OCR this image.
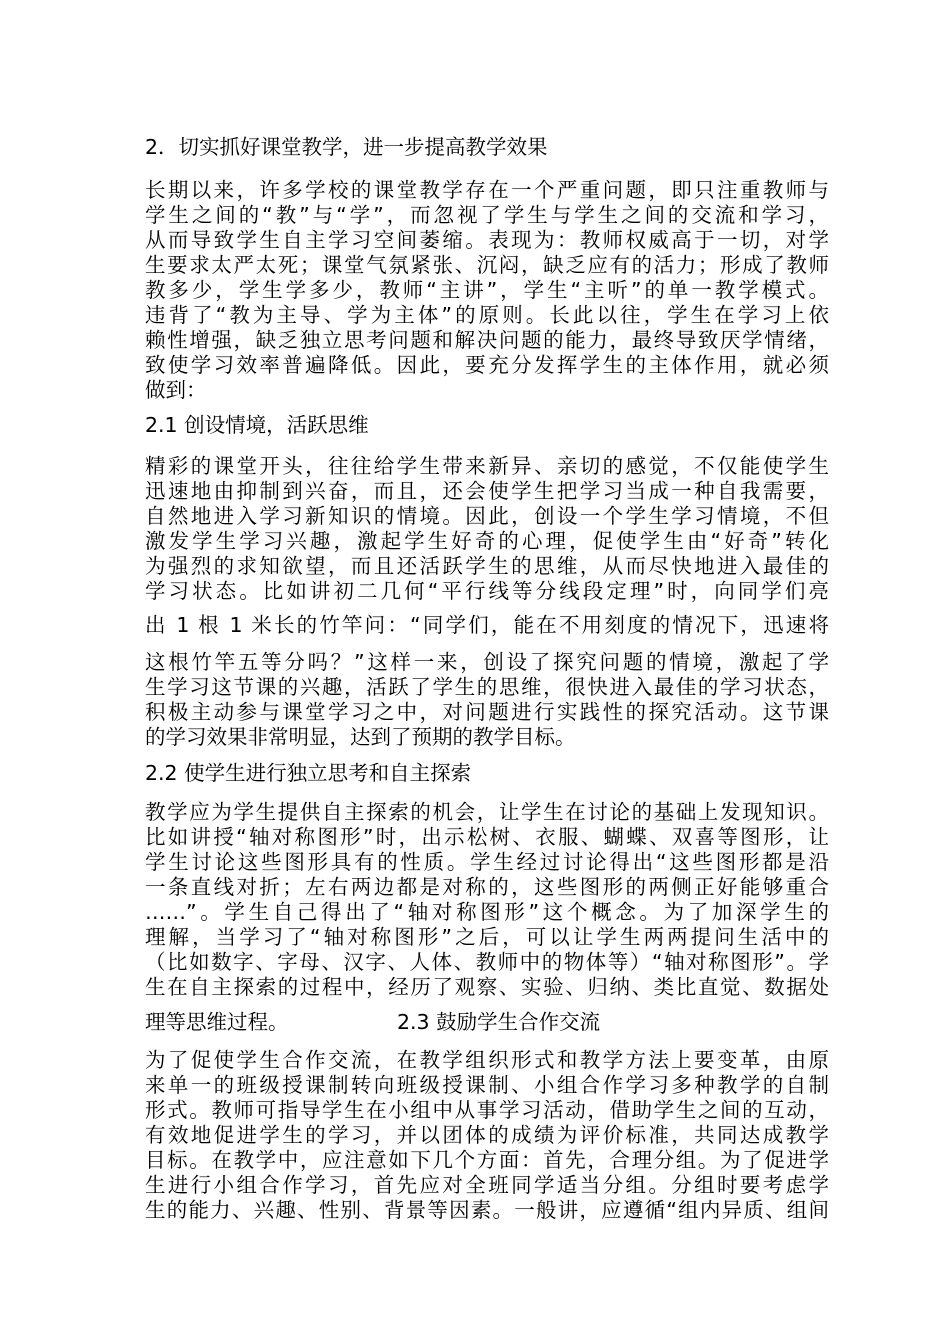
2．切实抓好课堂教学，进一步提高教学效果
长期以来，许多学校的课堂教学存在一个严重问题，即只注重教师与
学生之间的“教”与“学”，而忽视了学生与学生之间的交流和学习，
从而导致学生自主学习空间萎缩。表现为：教师权威高于一切，对学
生要求太严太死；课堂气氛紧张、沉闷，缺乏应有的活力；形成了教师
教多少，学生学多少，教师“主讲”，学生“主听”的单一教学模式。
违背了“教为主导、学为主体”的原则。长此以往，学生在学习上依
赖性增强，缺乏独立思考问题和解决问题的能力，最终导致厌学情绪，
致使学习效率普遍降低。因此，要充分发挥学生的主体作用，就必须
做到：
2.1 创设情境，活跃思维
精彩的课堂开头，往往给学生带来新异、亲切的感觉，不仅能使学生
迅速地由抑制到兴奋，而且，还会使学生把学习当成一种自我需要，
自然地进入学习新知识的情境。因此，创设一个学生学习情境，不但
激发学生学习兴趣，激起学生好奇的心理，促使学生由“好奇”转化
为强烈的求知欲望，而且还活跃学生的思维，从而尽快地进入最佳的
学习状态。比如讲初二几何“平行线等分线段定理”时，向同学们亮
出 1 根 1 米长的竹竿问：“同学们，能在不用刻度的情况下，迅速将
这根竹竿五等分吗？”这样一来，创设了探究问题的情境，激起了学
生学习这节课的兴趣，活跃了学生的思维，很快进入最佳的学习状态，
积极主动参与课堂学习之中，对问题进行实践性的探究活动。这节课
的学习效果非常明显，达到了预期的教学目标。
2.2 使学生进行独立思考和自主探索
教学应为学生提供自主探索的机会，让学生在讨论的基础上发现知识。
比如讲授“轴对称图形”时，出示松树、衣服、蝴蝶、双喜等图形，让
学生讨论这些图形具有的性质。学生经过讨论得出“这些图形都是沿
一条直线对折；左右两边都是对称的，这些图形的两侧正好能够重合
……”。学生自己得出了“轴对称图形”这个概念。为了加深学生的
理解，当学习了“轴对称图形”之后，可以让学生两两提问生活中的
（比如数字、字母、汉字、人体、教师中的物体等）“轴对称图形”。学
生在自主探索的过程中，经历了观察、实验、归纳、类比直觉、数据处
理等思维过程。	2.3 鼓励学生合作交流
为了促使学生合作交流，在教学组织形式和教学方法上要变革，由原
来单一的班级授课制转向班级授课制、小组合作学习多种教学的自制
形式。教师可指导学生在小组中从事学习活动，借助学生之间的互动，
有效地促进学生的学习，并以团体的成绩为评价标准，共同达成教学
目标。在教学中，应注意如下几个方面：首先，合理分组。为了促进学
生进行小组合作学习，首先应对全班同学适当分组。分组时要考虑学
生的能力、兴趣、性别、背景等因素。一般讲，应遵循“组内异质、组间
